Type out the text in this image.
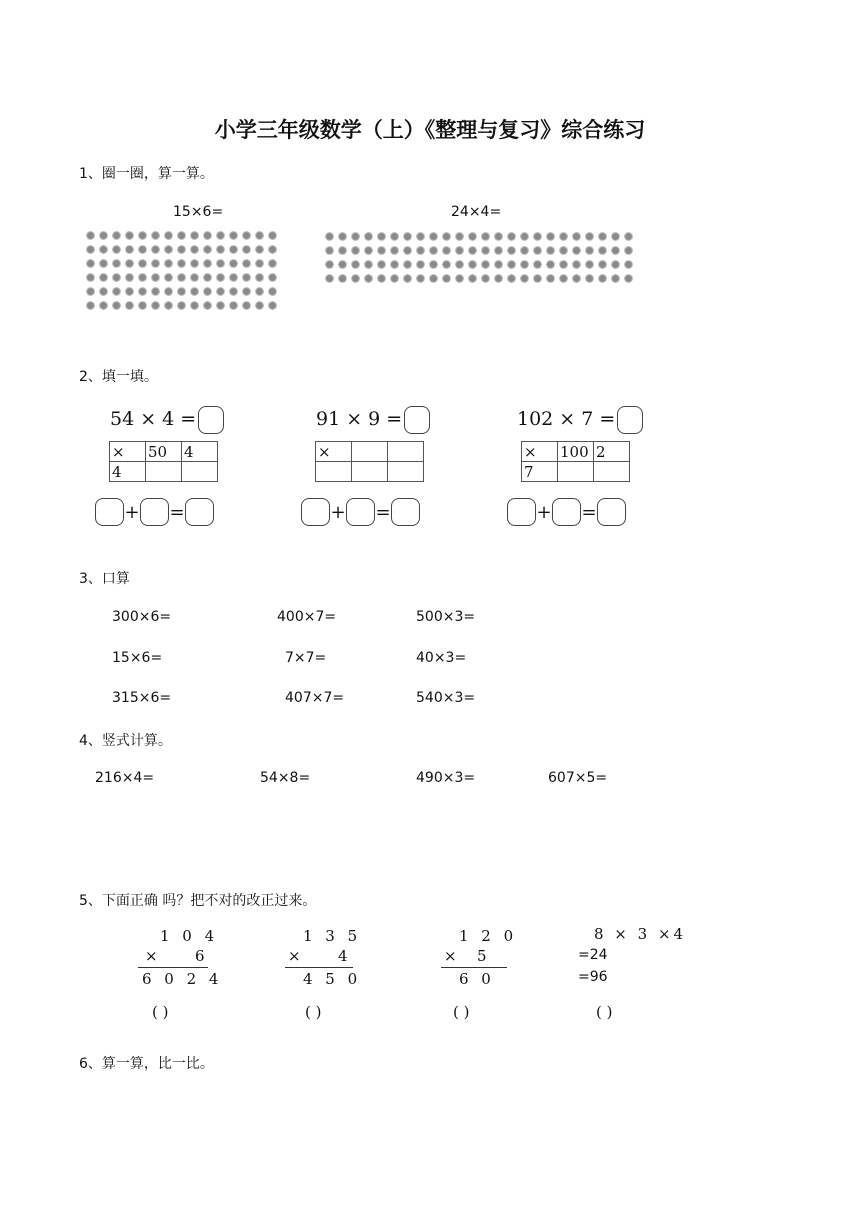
小学三年级数学（上）《整理与复习》综合练习
1、圈一圈，算一算。
15×6=	24×4=
2、填一填。
54 × 4 =
×	50	4
4		
+ =
91 × 9 =
×		

+ =
102 × 7 =
×	100	2
7		
+ =
3、口算
300×6=	400×7=	500×3=
15×6=	7×7=	40×3=
315×6=	407×7=	540×3=
4、竖式计算。
216×4=	54×8=	490×3=	607×5=
5、下面正确 吗？把不对的改正过来。
1 0 4
× 6
6 0 2 4
( )
1 3 5
× 4
4 5 0
( )
1 2 0
× 5
6 0
( )
8 × 3 ×4
=24
=96
( )
6、算一算，比一比。
